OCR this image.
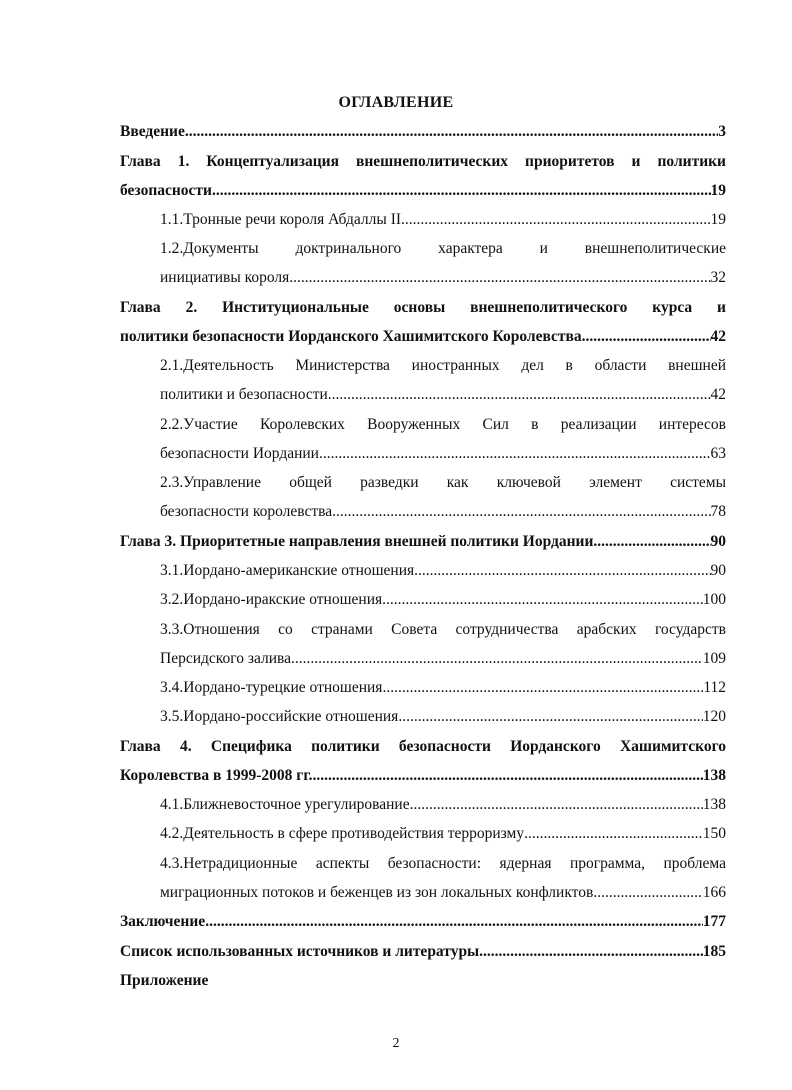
ОГЛАВЛЕНИЕ
Введение .....	3
Глава 1. Концептуализация внешнеполитических приоритетов и политики
безопасности .....	19
1.1.Тронные речи короля Абдаллы II .....	19
1.2.Документы доктринального характера и внешнеполитические
инициативы короля .....	32
Глава 2. Институциональные основы внешнеполитического курса и
политики безопасности Иорданского Хашимитского Королевства .....	42
2.1.Деятельность Министерства иностранных дел в области внешней
политики и безопасности .....	42
2.2.Участие Королевских Вооруженных Сил в реализации интересов
безопасности Иордании .....	63
2.3.Управление общей разведки как ключевой элемент системы
безопасности королевства .....	78
Глава 3. Приоритетные направления внешней политики Иордании .....	90
3.1.Иордано-американские отношения .....	90
3.2.Иордано-иракские отношения .....	100
3.3.Отношения со странами Совета сотрудничества арабских государств
Персидского залива .....	109
3.4.Иордано-турецкие отношения .....	112
3.5.Иордано-российские отношения .....	120
Глава 4. Специфика политики безопасности Иорданского Хашимитского
Королевства в 1999-2008 гг. .....	138
4.1.Ближневосточное урегулирование .....	138
4.2.Деятельность в сфере противодействия терроризму .....	150
4.3.Нетрадиционные аспекты безопасности: ядерная программа, проблема
миграционных потоков и беженцев из зон локальных конфликтов .....	166
Заключение .....	177
Список использованных источников и литературы .....	185
Приложение
2
